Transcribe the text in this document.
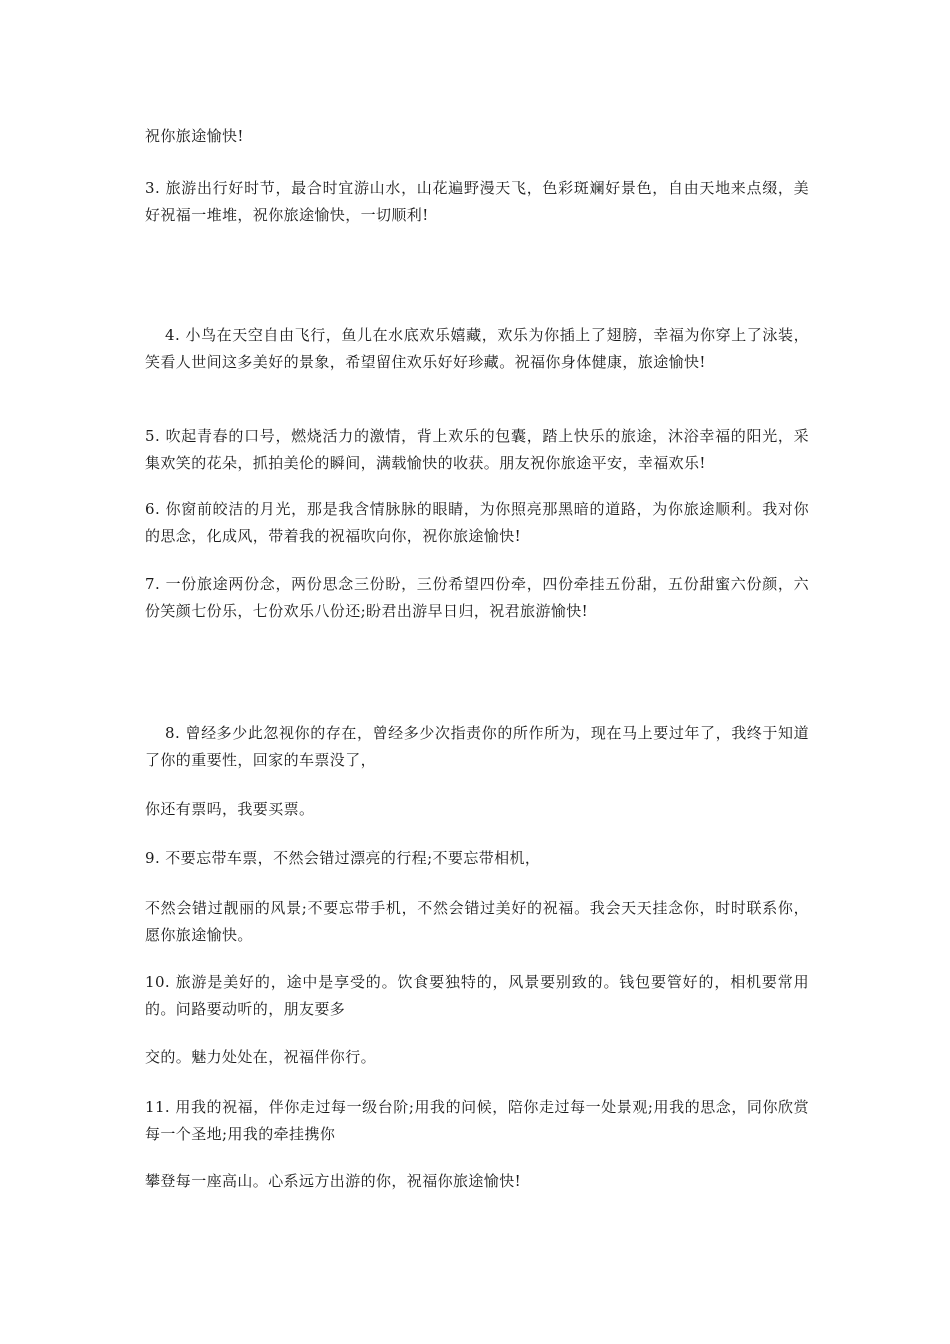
祝你旅途愉快!

3. 旅游出行好时节，最合时宜游山水，山花遍野漫天飞，色彩斑斓好景色，自由天地来点缀，美好祝福一堆堆，祝你旅途愉快，一切顺利!

4. 小鸟在天空自由飞行，鱼儿在水底欢乐嬉藏，欢乐为你插上了翅膀，幸福为你穿上了泳装，笑看人世间这多美好的景象，希望留住欢乐好好珍藏。祝福你身体健康，旅途愉快!

5. 吹起青春的口号，燃烧活力的激情，背上欢乐的包囊，踏上快乐的旅途，沐浴幸福的阳光，采集欢笑的花朵，抓拍美伦的瞬间，满载愉快的收获。朋友祝你旅途平安，幸福欢乐!

6. 你窗前皎洁的月光，那是我含情脉脉的眼睛，为你照亮那黑暗的道路，为你旅途顺利。我对你的思念，化成风，带着我的祝福吹向你，祝你旅途愉快!

7. 一份旅途两份念，两份思念三份盼，三份希望四份牵，四份牵挂五份甜，五份甜蜜六份颜，六份笑颜七份乐，七份欢乐八份还;盼君出游早日归，祝君旅游愉快!

8. 曾经多少此忽视你的存在，曾经多少次指责你的所作所为，现在马上要过年了，我终于知道了你的重要性，回家的车票没了，

你还有票吗，我要买票。

9. 不要忘带车票，不然会错过漂亮的行程;不要忘带相机，

不然会错过靓丽的风景;不要忘带手机，不然会错过美好的祝福。我会天天挂念你，时时联系你，愿你旅途愉快。

10. 旅游是美好的，途中是享受的。饮食要独特的，风景要别致的。钱包要管好的，相机要常用的。问路要动听的，朋友要多

交的。魅力处处在，祝福伴你行。

11. 用我的祝福，伴你走过每一级台阶;用我的问候，陪你走过每一处景观;用我的思念，同你欣赏每一个圣地;用我的牵挂携你

攀登每一座高山。心系远方出游的你，祝福你旅途愉快!
